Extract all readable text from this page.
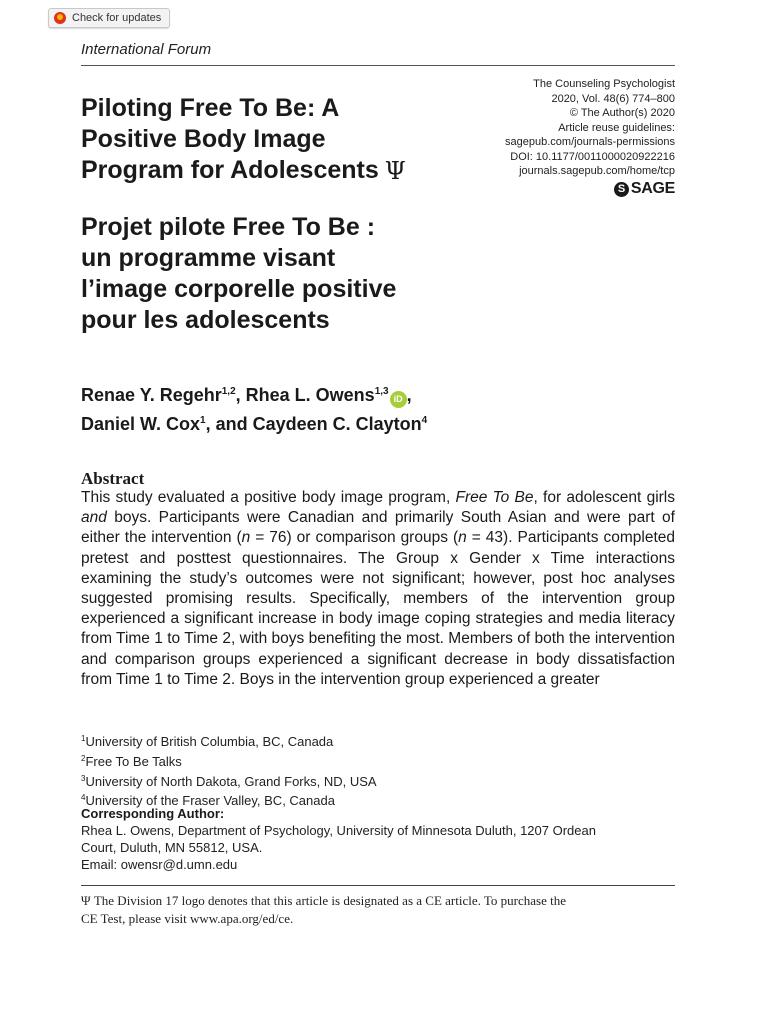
Check for updates
International Forum
The Counseling Psychologist
2020, Vol. 48(6) 774–800
© The Author(s) 2020
Article reuse guidelines:
sagepub.com/journals-permissions
DOI: 10.1177/0011000020922216
journals.sagepub.com/home/tcp
S SAGE
Piloting Free To Be: A
Positive Body Image
Program for Adolescents Ψ
Projet pilote Free To Be :
un programme visant
l’image corporelle positive
pour les adolescents
Renae Y. Regehr$^{1,2}$, Rhea L. Owens$^{1,3}$iD ,
Daniel W. Cox$^1$, and Caydeen C. Clayton$^4$
Abstract
This study evaluated a positive body image program, Free To Be, for adolescent girls and boys. Participants were Canadian and primarily South Asian and were part of either the intervention (n = 76) or comparison groups (n = 43). Participants completed pretest and posttest questionnaires. The Group x Gender x Time interactions examining the study’s outcomes were not significant; however, post hoc analyses suggested promising results. Specifically, members of the intervention group experienced a significant increase in body image coping strategies and media literacy from Time 1 to Time 2, with boys benefiting the most. Members of both the intervention and comparison groups experienced a significant decrease in body dissatisfaction from Time 1 to Time 2. Boys in the intervention group experienced a greater
$^1$University of British Columbia, BC, Canada
$^2$Free To Be Talks
$^3$University of North Dakota, Grand Forks, ND, USA
$^4$University of the Fraser Valley, BC, Canada
Corresponding Author:
Rhea L. Owens, Department of Psychology, University of Minnesota Duluth, 1207 Ordean
Court, Duluth, MN 55812, USA.
Email: owensr@d.umn.edu
Ψ The Division 17 logo denotes that this article is designated as a CE article. To purchase the
CE Test, please visit www.apa.org/ed/ce.
